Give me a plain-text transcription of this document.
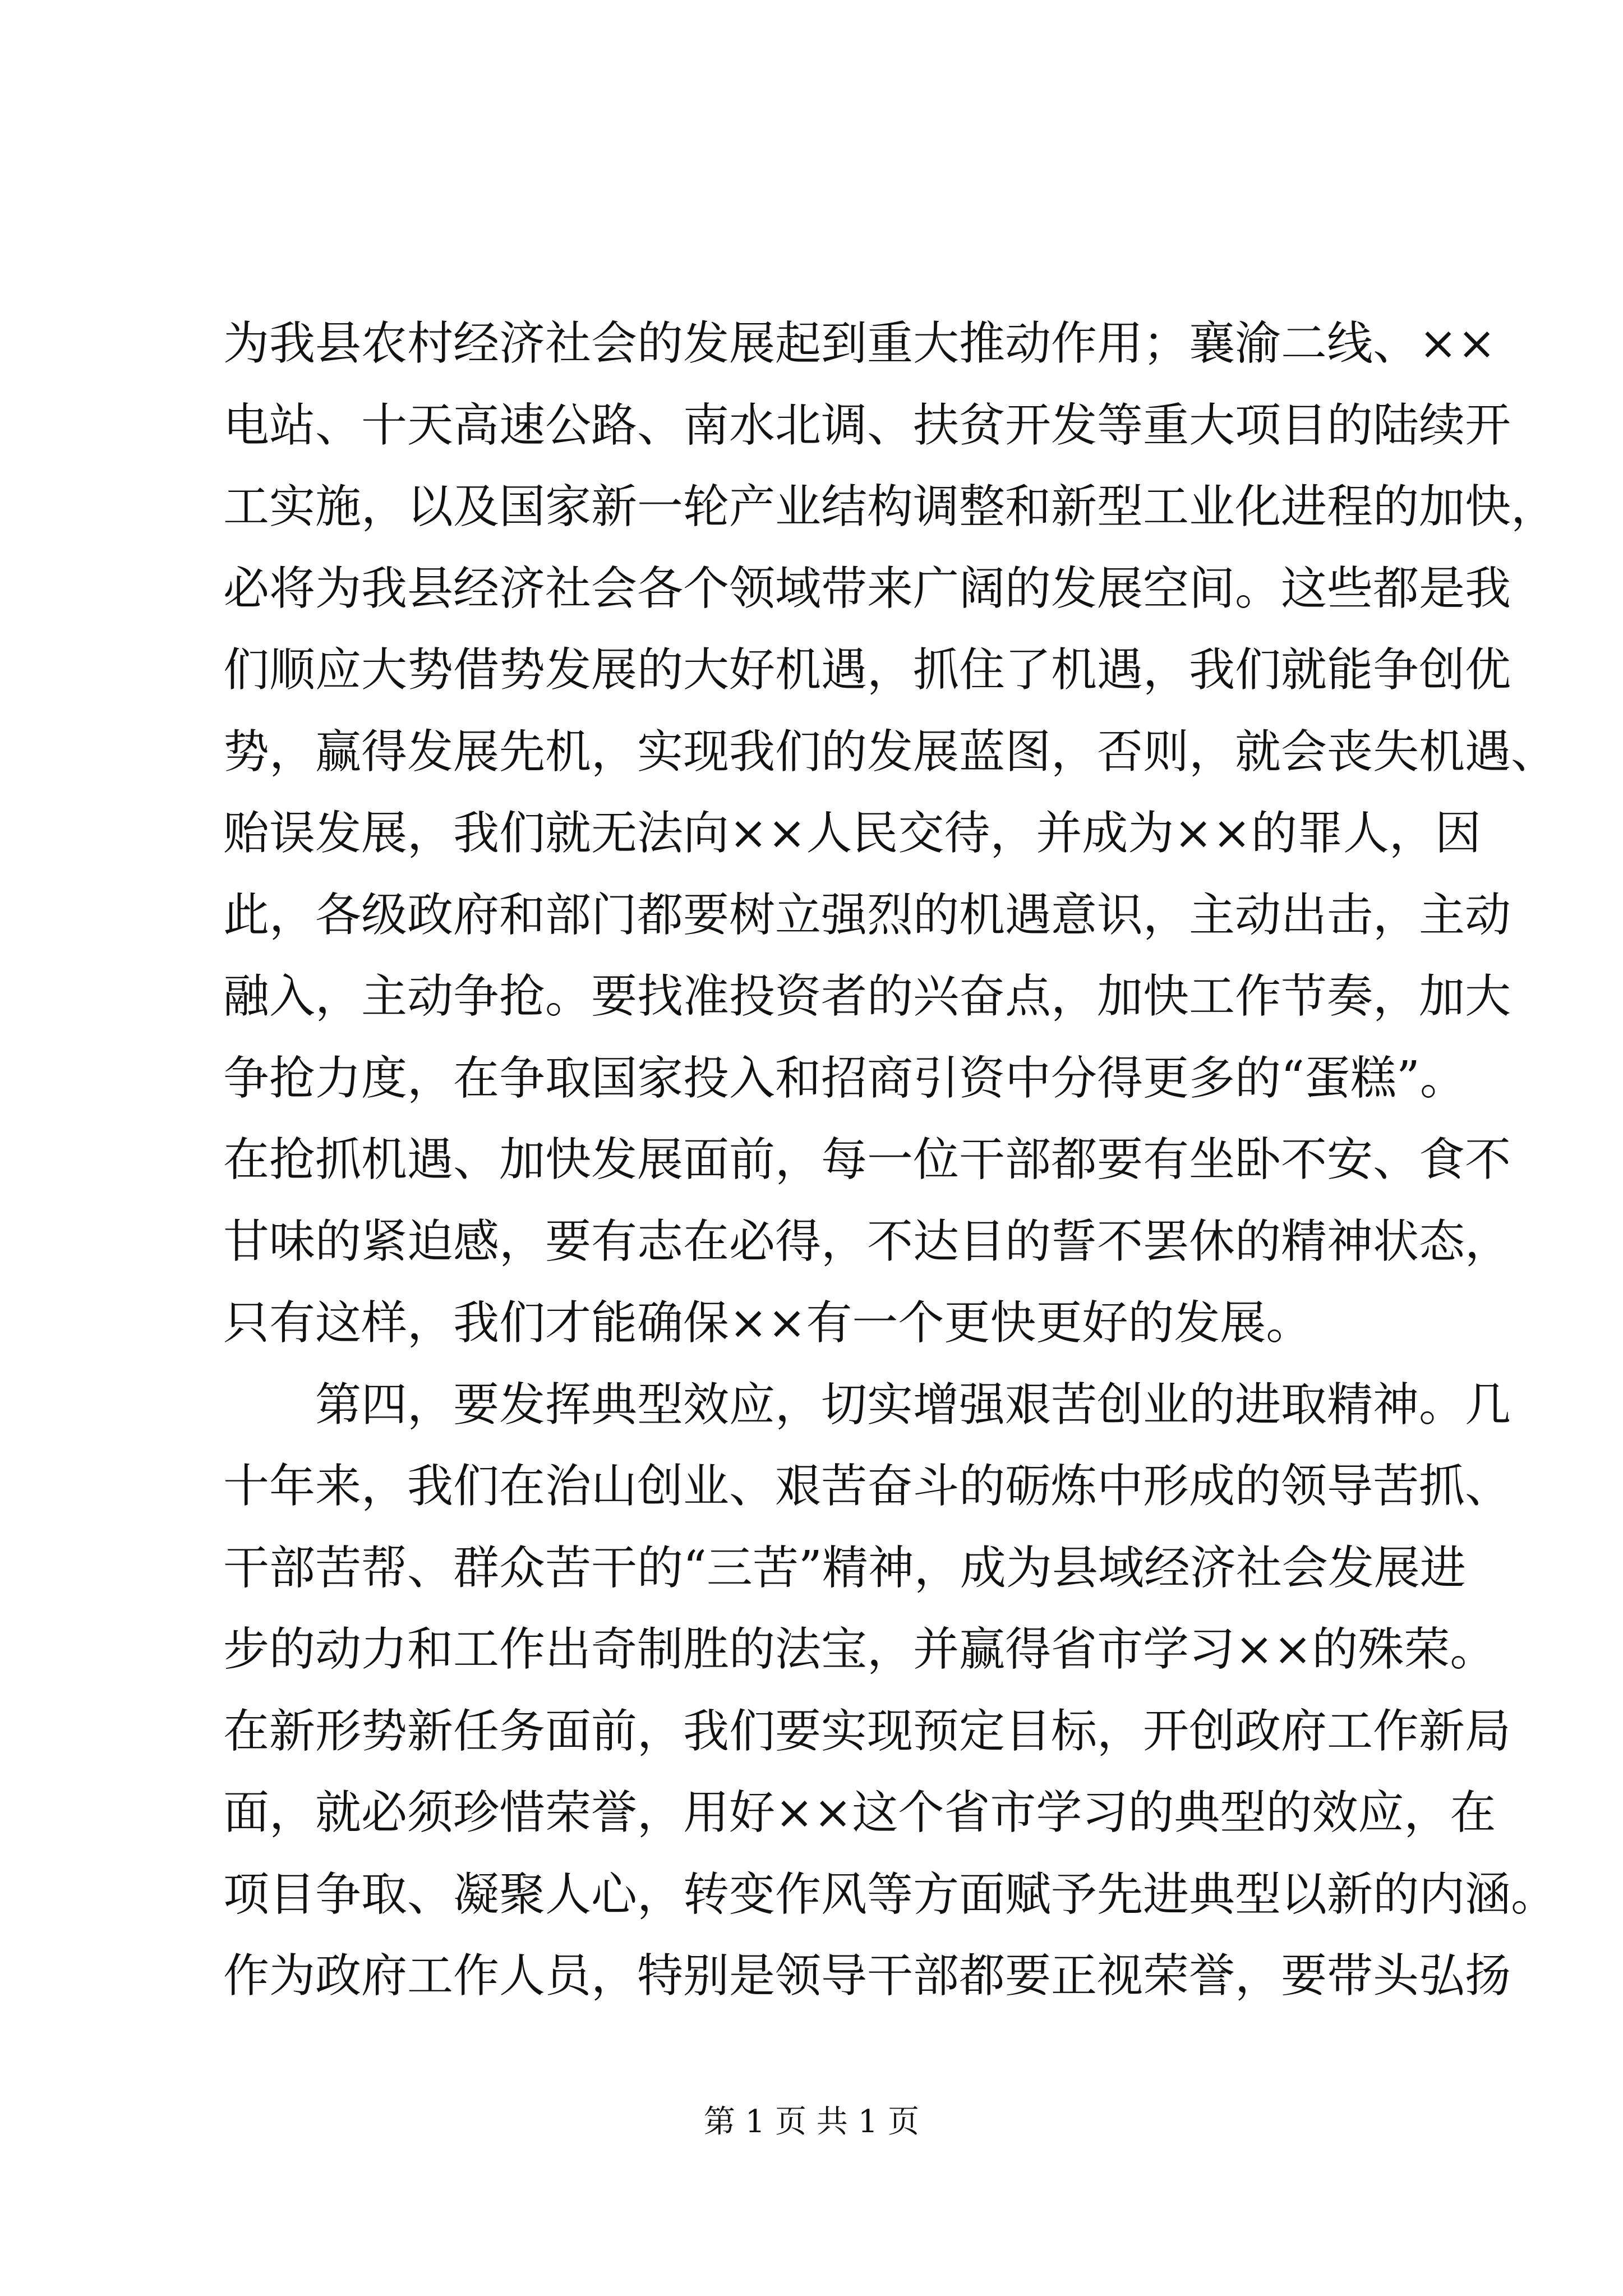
为我县农村经济社会的发展起到重大推动作用；襄渝二线、××
电站、十天高速公路、南水北调、扶贫开发等重大项目的陆续开
工实施，以及国家新一轮产业结构调整和新型工业化进程的加快，
必将为我县经济社会各个领域带来广阔的发展空间。这些都是我
们顺应大势借势发展的大好机遇，抓住了机遇，我们就能争创优
势，赢得发展先机，实现我们的发展蓝图，否则，就会丧失机遇、
贻误发展，我们就无法向××人民交待，并成为××的罪人，因
此，各级政府和部门都要树立强烈的机遇意识，主动出击，主动
融入，主动争抢。要找准投资者的兴奋点，加快工作节奏，加大
争抢力度，在争取国家投入和招商引资中分得更多的“蛋糕”。
在抢抓机遇、加快发展面前，每一位干部都要有坐卧不安、食不
甘味的紧迫感，要有志在必得，不达目的誓不罢休的精神状态，
只有这样，我们才能确保××有一个更快更好的发展。
第四，要发挥典型效应，切实增强艰苦创业的进取精神。几
十年来，我们在治山创业、艰苦奋斗的砺炼中形成的领导苦抓、
干部苦帮、群众苦干的“三苦”精神，成为县域经济社会发展进
步的动力和工作出奇制胜的法宝，并赢得省市学习××的殊荣。
在新形势新任务面前，我们要实现预定目标，开创政府工作新局
面，就必须珍惜荣誉，用好××这个省市学习的典型的效应，在
项目争取、凝聚人心，转变作风等方面赋予先进典型以新的内涵。
作为政府工作人员，特别是领导干部都要正视荣誉，要带头弘扬
第 1 页 共 1 页
